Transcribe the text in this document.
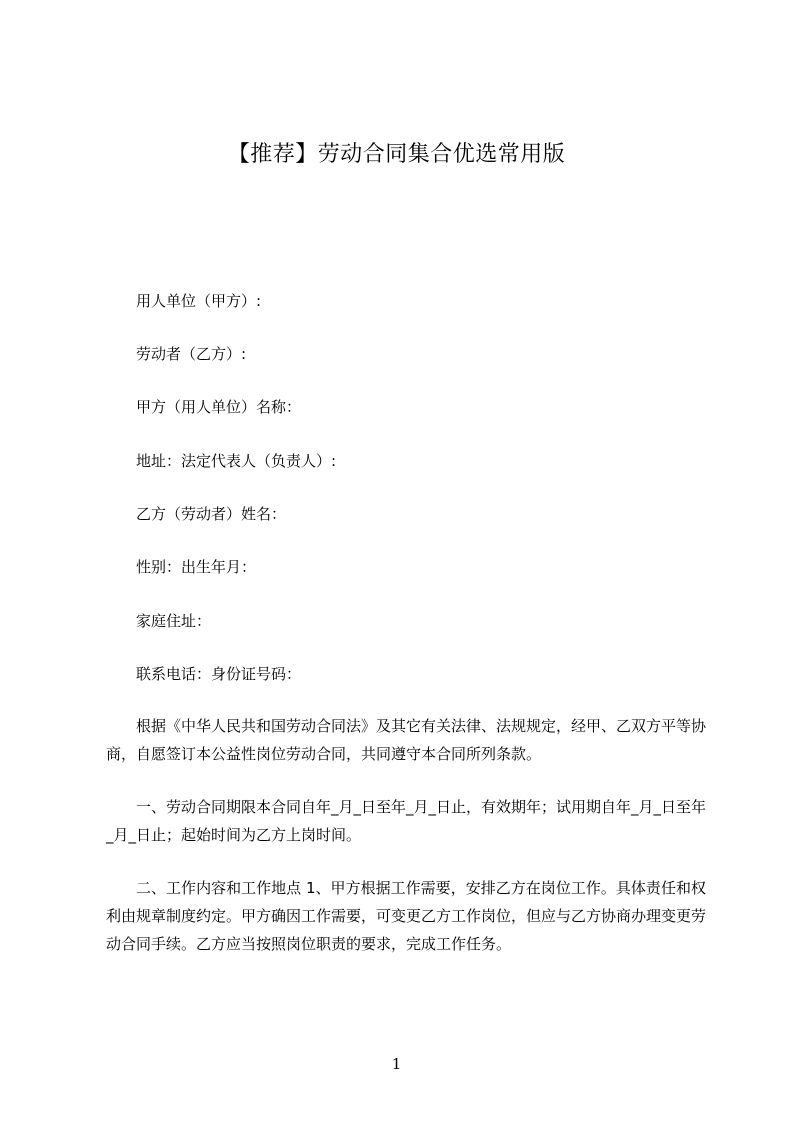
【推荐】劳动合同集合优选常用版
用人单位（甲方）:
劳动者（乙方）:
甲方（用人单位）名称：
地址：法定代表人（负责人）:
乙方（劳动者）姓名：
性别：出生年月：
家庭住址：
联系电话：身份证号码：

根据《中华人民共和国劳动合同法》及其它有关法律、法规规定，经甲、乙双方平等协商，自愿签订本公益性岗位劳动合同，共同遵守本合同所列条款。

一、劳动合同期限本合同自年_月_日至年_月_日止，有效期年；试用期自年_月_日至年_月_日止；起始时间为乙方上岗时间。

二、工作内容和工作地点 1、甲方根据工作需要，安排乙方在岗位工作。具体责任和权利由规章制度约定。甲方确因工作需要，可变更乙方工作岗位，但应与乙方协商办理变更劳动合同手续。乙方应当按照岗位职责的要求，完成工作任务。

1
